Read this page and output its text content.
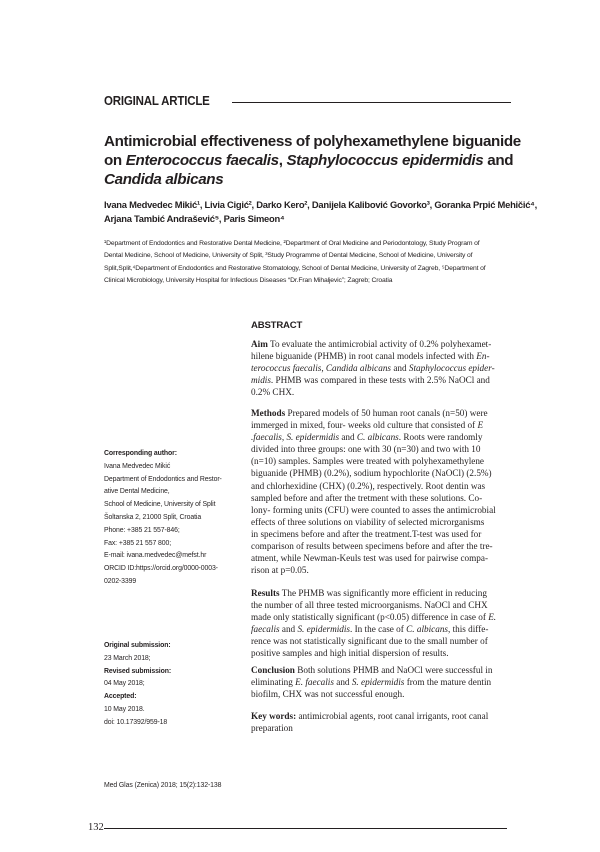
ORIGINAL ARTICLE
Antimicrobial effectiveness of polyhexamethylene biguanide
on Enterococcus faecalis, Staphylococcus epidermidis and
Candida albicans
Ivana Medvedec Mikić¹, Livia Cigić², Darko Kero², Danijela Kalibović Govorko³, Goranka Prpić Mehičić⁴,
Arjana Tambić Andrašević⁵, Paris Simeon⁴
¹Department of Endodontics and Restorative Dental Medicine, ²Department of Oral Medicine and Periodontology, Study Program of
Dental Medicine, School of Medicine, University of Split, ³Study Programme of Dental Medicine, School of Medicine, University of
Split,Split,⁴Department of Endodontics and Restorative Stomatology, School of Dental Medicine, University of Zagreb, ⁵Department of
Clinical Microbiology, University Hospital for Infectious Diseases “Dr.Fran Mihaljevic”; Zagreb; Croatia
ABSTRACT
Aim To evaluate the antimicrobial activity of 0.2% polyhexamet-
hilene biguanide (PHMB) in root canal models infected with En-
terococcus faecalis, Candida albicans and Staphylococcus epider-
midis. PHMB was compared in these tests with 2.5% NaOCl and
0.2% CHX.
Methods Prepared models of 50 human root canals (n=50) were
immerged in mixed, four- weeks old culture that consisted of E
.faecalis, S. epidermidis and C. albicans. Roots were randomly
divided into three groups: one with 30 (n=30) and two with 10
(n=10) samples. Samples were treated with polyhexamethylene
biguanide (PHMB) (0.2%), sodium hypochlorite (NaOCl) (2.5%)
and chlorhexidine (CHX) (0.2%), respectively. Root dentin was
sampled before and after the tretment with these solutions. Co-
lony- forming units (CFU) were counted to asses the antimicrobial
effects of three solutions on viability of selected microrganisms
in specimens before and after the treatment.T-test was used for
comparison of results between specimens before and after the tre-
atment, while Newman-Keuls test was used for pairwise compa-
rison at p=0.05.
Results The PHMB was significantly more efficient in reducing
the number of all three tested microorganisms. NaOCl and CHX
made only statistically significant (p<0.05) difference in case of E.
faecalis and S. epidermidis. In the case of C. albicans, this diffe-
rence was not statistically significant due to the small number of
positive samples and high initial dispersion of results.
Conclusion Both solutions PHMB and NaOCl were successful in
eliminating E. faecalis and S. epidermidis from the mature dentin
biofilm, CHX was not successful enough.
Key words: antimicrobial agents, root canal irrigants, root canal
preparation
Corresponding author:
Ivana Medvedec Mikić
Department of Endodontics and Restor-
ative Dental Medicine,
School of Medicine, University of Split
Šoltanska 2, 21000 Split, Croatia
Phone: +385 21 557-846;
Fax: +385 21 557 800;
E-mail: ivana.medvedec@mefst.hr
ORCID ID:https://orcid.org/0000-0003-
0202-3399
Original submission:
23 March 2018;
Revised submission:
04 May 2018;
Accepted:
10 May 2018.
doi: 10.17392/959-18
Med Glas (Zenica) 2018; 15(2):132-138
132
